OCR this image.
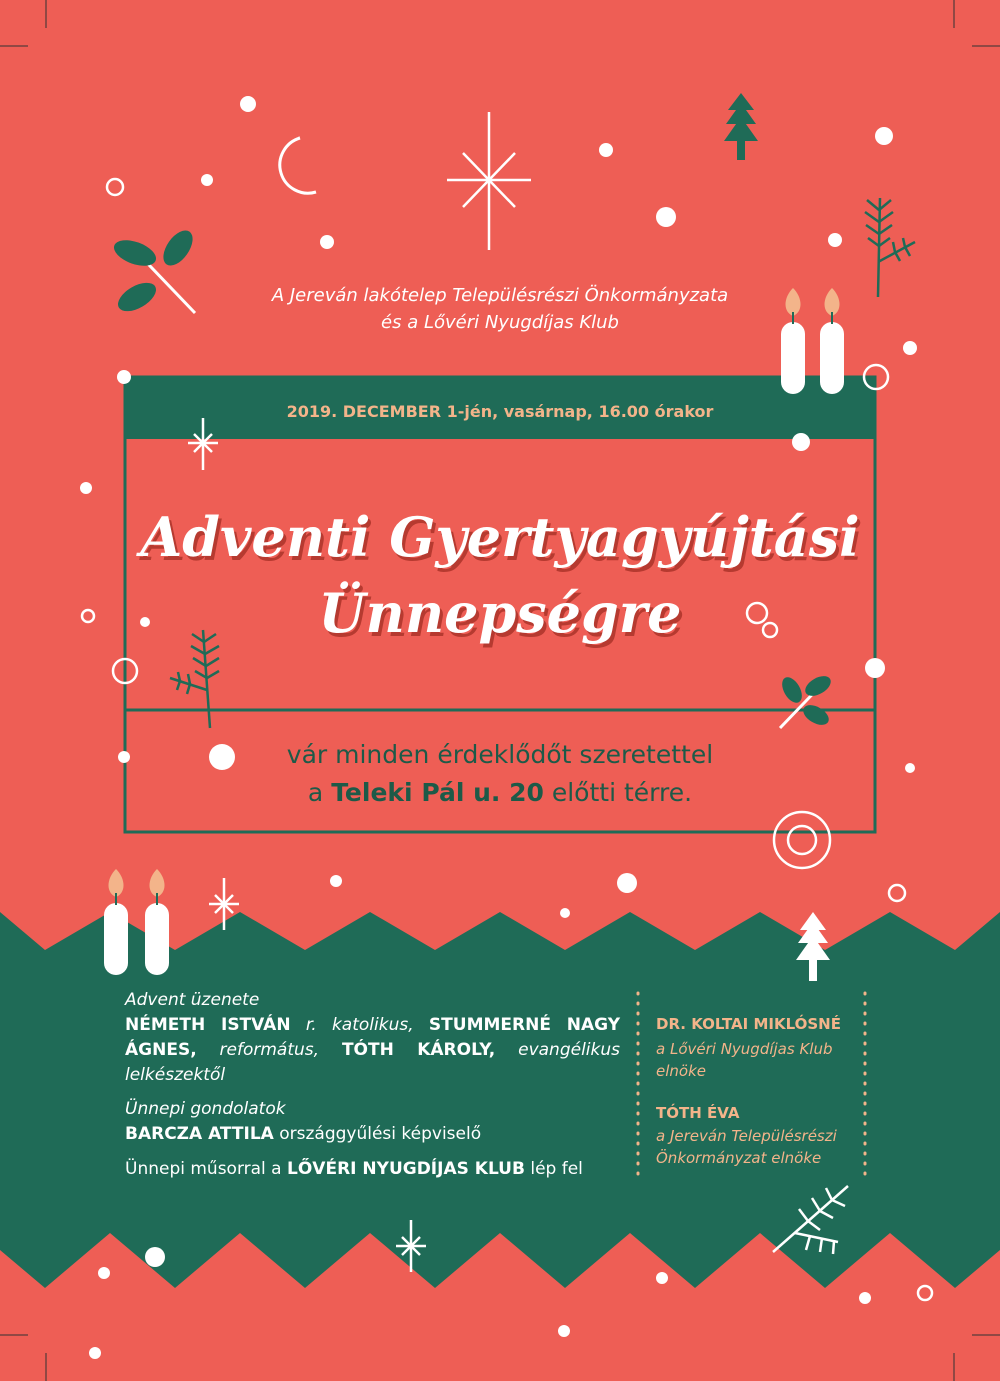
A Jereván lakótelep Településrészi Önkormányzata

és a Lővéri Nyugdíjas Klub

2019. DECEMBER 1-jén, vasárnap, 16.00 órakor

Adventi Gyertyagyújtási

Ünnepségre

vár minden érdeklődőt szeretettel

a Teleki Pál u. 20 előtti térre.

Advent üzenete

NÉMETH ISTVÁN r. katolikus, STUMMERNÉ NAGY ÁGNES, református, TÓTH KÁROLY, evangélikus lelkészektől

Ünnepi gondolatok

BARCZA ATTILA országgyűlési képviselő

Ünnepi műsorral a LŐVÉRI NYUGDÍJAS KLUB lép fel

DR. KOLTAI MIKLÓSNÉ

a Lővéri Nyugdíjas Klub

elnöke

TÓTH ÉVA

a Jereván Településrészi

Önkormányzat elnöke
